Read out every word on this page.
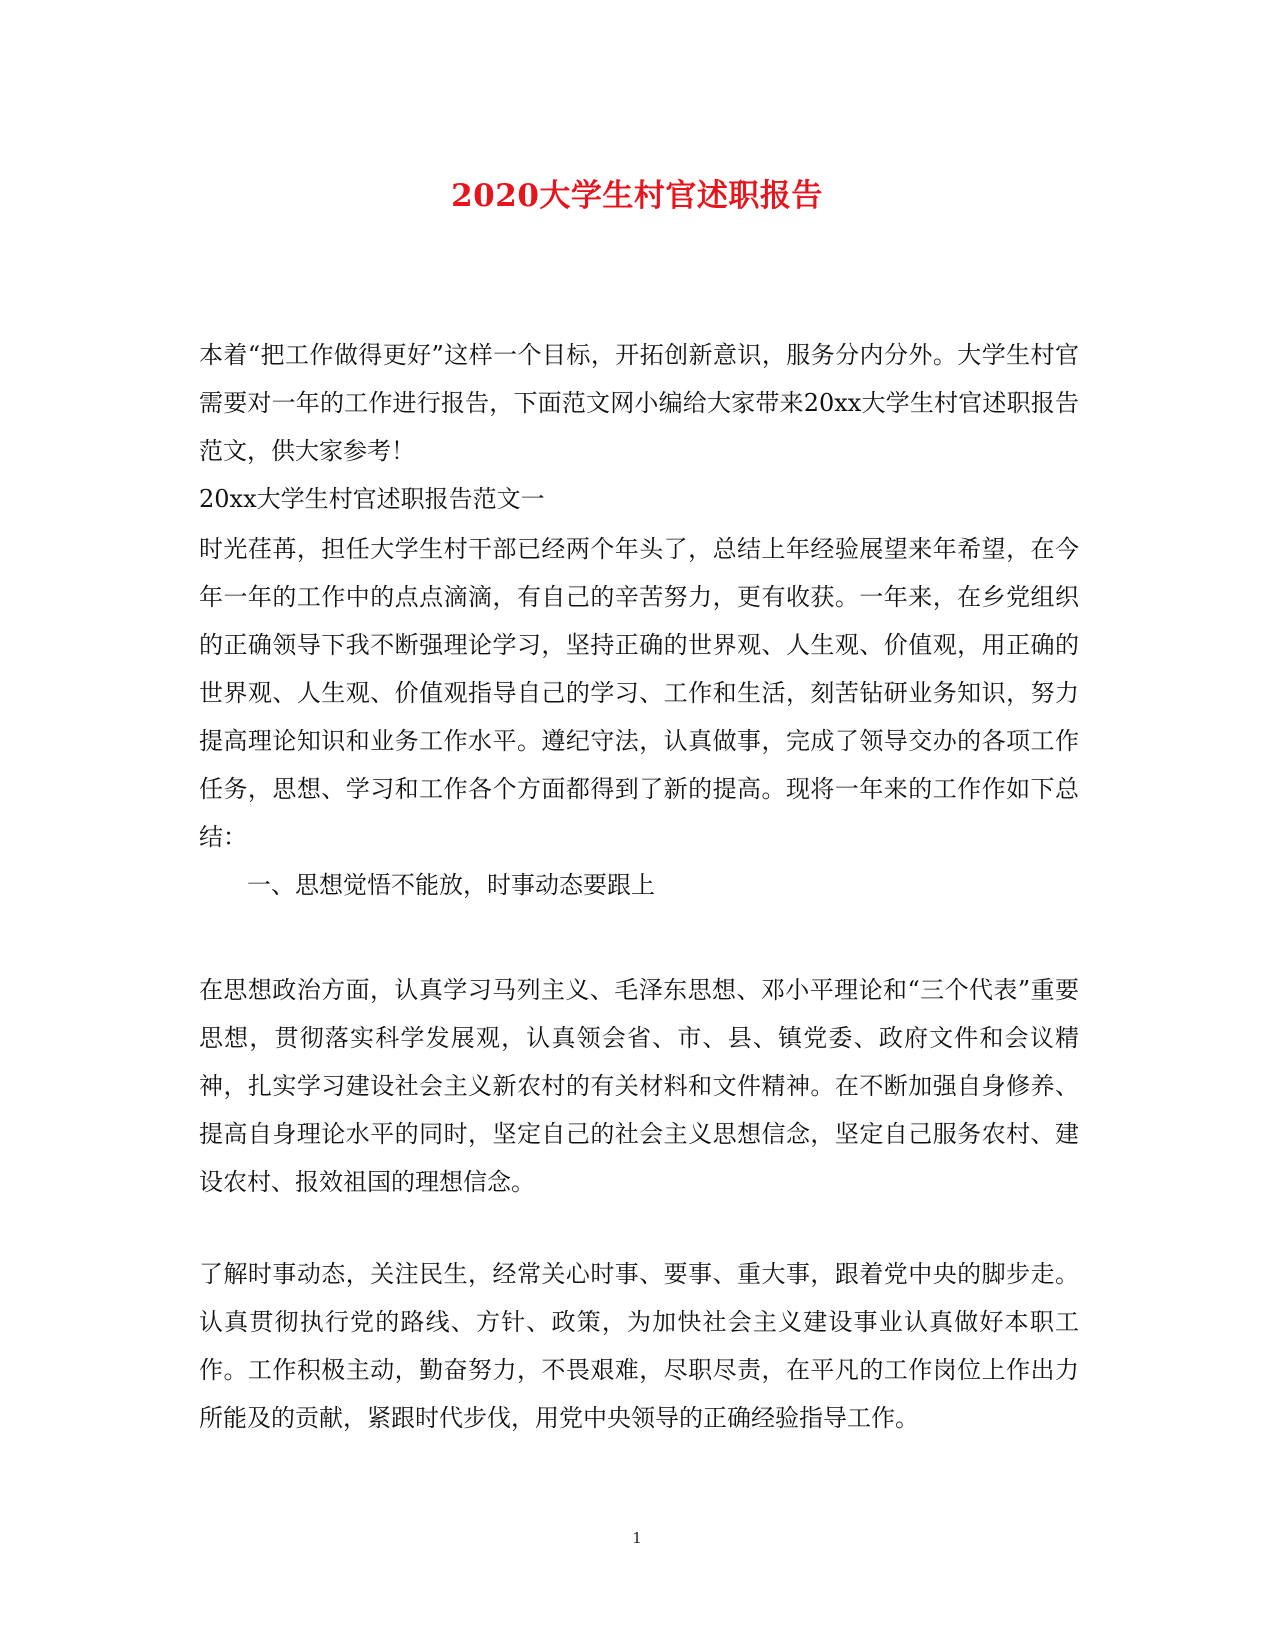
2020大学生村官述职报告
本着“把工作做得更好”这样一个目标，开拓创新意识，服务分内分外。大学生村官需要对一年的工作进行报告，下面范文网小编给大家带来20xx大学生村官述职报告范文，供大家参考！
20xx大学生村官述职报告范文一
时光荏苒，担任大学生村干部已经两个年头了，总结上年经验展望来年希望，在今年一年的工作中的点点滴滴，有自己的辛苦努力，更有收获。一年来，在乡党组织的正确领导下我不断强理论学习，坚持正确的世界观、人生观、价值观，用正确的世界观、人生观、价值观指导自己的学习、工作和生活，刻苦钻研业务知识，努力提高理论知识和业务工作水平。遵纪守法，认真做事，完成了领导交办的各项工作任务，思想、学习和工作各个方面都得到了新的提高。现将一年来的工作作如下总结：
一、思想觉悟不能放，时事动态要跟上
在思想政治方面，认真学习马列主义、毛泽东思想、邓小平理论和“三个代表”重要思想，贯彻落实科学发展观，认真领会省、市、县、镇党委、政府文件和会议精神，扎实学习建设社会主义新农村的有关材料和文件精神。在不断加强自身修养、提高自身理论水平的同时，坚定自己的社会主义思想信念，坚定自己服务农村、建设农村、报效祖国的理想信念。
了解时事动态，关注民生，经常关心时事、要事、重大事，跟着党中央的脚步走。认真贯彻执行党的路线、方针、政策，为加快社会主义建设事业认真做好本职工作。工作积极主动，勤奋努力，不畏艰难，尽职尽责，在平凡的工作岗位上作出力所能及的贡献，紧跟时代步伐，用党中央领导的正确经验指导工作。
1
